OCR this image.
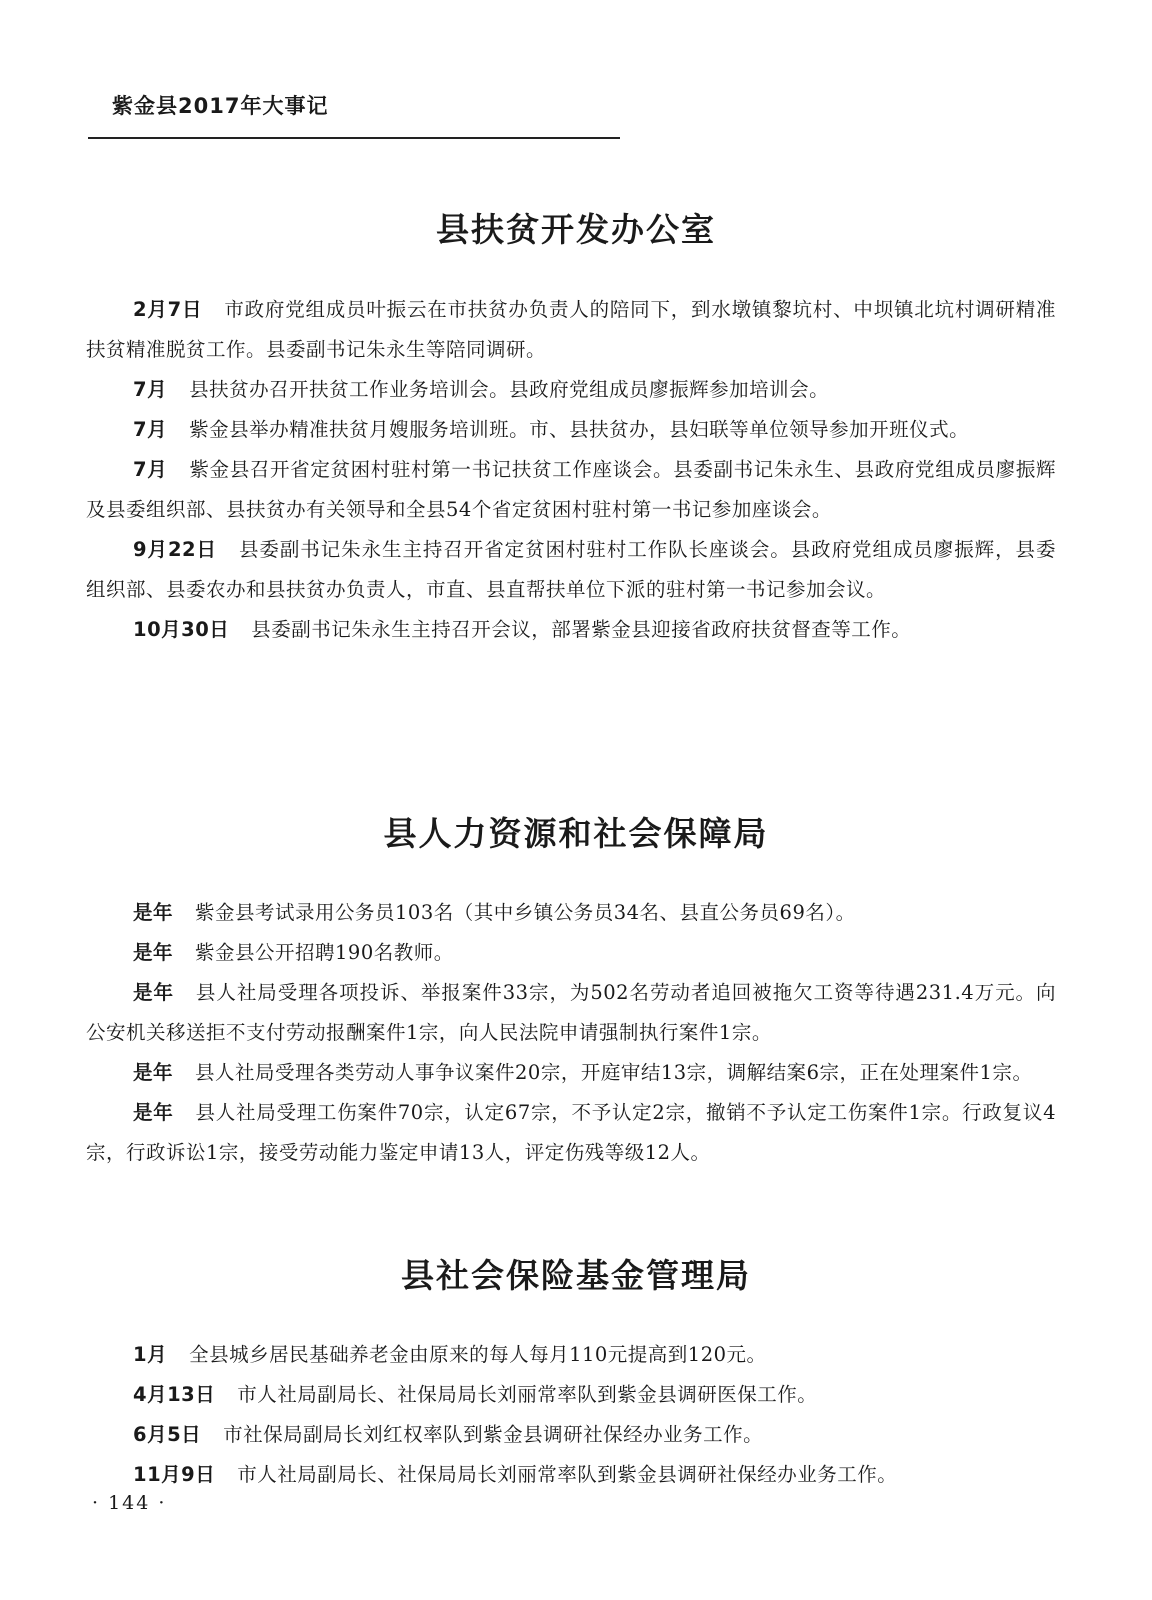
紫金县2017年大事记
县扶贫开发办公室

2月7日 市政府党组成员叶振云在市扶贫办负责人的陪同下，到水墩镇黎坑村、中坝镇北坑村调研精准扶贫精准脱贫工作。县委副书记朱永生等陪同调研。

7月 县扶贫办召开扶贫工作业务培训会。县政府党组成员廖振辉参加培训会。

7月 紫金县举办精准扶贫月嫂服务培训班。市、县扶贫办，县妇联等单位领导参加开班仪式。

7月 紫金县召开省定贫困村驻村第一书记扶贫工作座谈会。县委副书记朱永生、县政府党组成员廖振辉及县委组织部、县扶贫办有关领导和全县54个省定贫困村驻村第一书记参加座谈会。

9月22日 县委副书记朱永生主持召开省定贫困村驻村工作队长座谈会。县政府党组成员廖振辉，县委组织部、县委农办和县扶贫办负责人，市直、县直帮扶单位下派的驻村第一书记参加会议。

10月30日 县委副书记朱永生主持召开会议，部署紫金县迎接省政府扶贫督查等工作。

县人力资源和社会保障局

是年 紫金县考试录用公务员103名（其中乡镇公务员34名、县直公务员69名）。

是年 紫金县公开招聘190名教师。

是年 县人社局受理各项投诉、举报案件33宗，为502名劳动者追回被拖欠工资等待遇231.4万元。向公安机关移送拒不支付劳动报酬案件1宗，向人民法院申请强制执行案件1宗。

是年 县人社局受理各类劳动人事争议案件20宗，开庭审结13宗，调解结案6宗，正在处理案件1宗。

是年 县人社局受理工伤案件70宗，认定67宗，不予认定2宗，撤销不予认定工伤案件1宗。行政复议4宗，行政诉讼1宗，接受劳动能力鉴定申请13人，评定伤残等级12人。

县社会保险基金管理局

1月 全县城乡居民基础养老金由原来的每人每月110元提高到120元。

4月13日 市人社局副局长、社保局局长刘丽常率队到紫金县调研医保工作。

6月5日 市社保局副局长刘红权率队到紫金县调研社保经办业务工作。

11月9日 市人社局副局长、社保局局长刘丽常率队到紫金县调研社保经办业务工作。

· 144 ·
